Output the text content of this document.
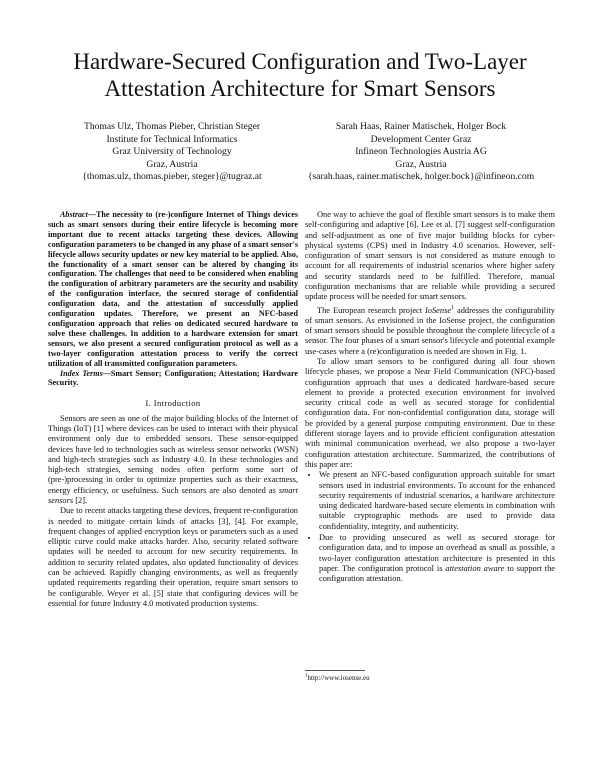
Hardware-Secured Configuration and Two-Layer Attestation Architecture for Smart Sensors
Thomas Ulz, Thomas Pieber, Christian Steger
Institute for Technical Informatics
Graz University of Technology
Graz, Austria
{thomas.ulz, thomas.pieber, steger}@tugraz.at
Sarah Haas, Rainer Matischek, Holger Bock
Development Center Graz
Infineon Technologies Austria AG
Graz, Austria
{sarah.haas, rainer.matischek, holger.bock}@infineon.com

Abstract—The necessity to (re-)configure Internet of Things devices such as smart sensors during their entire lifecycle is becoming more important due to recent attacks targeting these devices. Allowing configuration parameters to be changed in any phase of a smart sensor's lifecycle allows security updates or new key material to be applied. Also, the functionality of a smart sensor can be altered by changing its configuration. The challenges that need to be considered when enabling the configuration of arbitrary parameters are the security and usability of the configuration interface, the secured storage of confidential configuration data, and the attestation of successfully applied configuration updates. Therefore, we present an NFC-based configuration approach that relies on dedicated secured hardware to solve these challenges. In addition to a hardware extension for smart sensors, we also present a secured configuration protocol as well as a two-layer configuration attestation process to verify the correct utilization of all transmitted configuration parameters.

Index Terms—Smart Sensor; Configuration; Attestation; Hardware Security.

I. Introduction

Sensors are seen as one of the major building blocks of the Internet of Things (IoT) [1] where devices can be used to interact with their physical environment only due to embedded sensors. These sensor-equipped devices have led to technologies such as wireless sensor networks (WSN) and high-tech strategies such as Industry 4.0. In these technologies and high-tech strategies, sensing nodes often perform some sort of (pre-)processing in order to optimize properties such as their exactness, energy efficiency, or usefulness. Such sensors are also denoted as smart sensors [2].

Due to recent attacks targeting these devices, frequent re-configuration is needed to mitigate certain kinds of attacks [3], [4]. For example, frequent changes of applied encryption keys or parameters such as a used elliptic curve could make attacks harder. Also, security related software updates will be needed to account for new security requirements. In addition to security related updates, also updated functionality of devices can be achieved. Rapidly changing environments, as well as frequently updated requirements regarding their operation, require smart sensors to be configurable. Weyer et al. [5] state that configuring devices will be essential for future Industry 4.0 motivated production systems.

One way to achieve the goal of flexible smart sensors is to make them self-configuring and adaptive [6]. Lee et al. [7] suggest self-configuration and self-adjustment as one of five major building blocks for cyber-physical systems (CPS) used in Industry 4.0 scenarios. However, self-configuration of smart sensors is not considered as mature enough to account for all requirements of industrial scenarios where higher safety and security standards need to be fulfilled. Therefore, manual configuration mechanisms that are reliable while providing a secured update process will be needed for smart sensors.

The European research project IoSense$^1$ addresses the configurability of smart sensors. As envisioned in the IoSense project, the configuration of smart sensors should be possible throughout the complete lifecycle of a sensor. The four phases of a smart sensor's lifecycle and potential example use-cases where a (re)configuration is needed are shown in Fig. 1.

To allow smart sensors to be configured during all four shown lifecycle phases, we propose a Near Field Communication (NFC)-based configuration approach that uses a dedicated hardware-based secure element to provide a protected execution environment for involved security critical code as well as secured storage for confidential configuration data. For non-confidential configuration data, storage will be provided by a general purpose computing environment. Due to these different storage layers and to provide efficient configuration attestation with minimal communication overhead, we also propose a two-layer configuration attestation architecture. Summarized, the contributions of this paper are:

• We present an NFC-based configuration approach suitable for smart sensors used in industrial environments. To account for the enhanced security requirements of industrial scenarios, a hardware architecture using dedicated hardware-based secure elements in combination with suitable cryptographic methods are used to provide data confidentiality, integrity, and authenticity.
• Due to providing unsecured as well as secured storage for configuration data, and to impose an overhead as small as possible, a two-layer configuration attestation architecture is presented in this paper. The configuration protocol is attestation aware to support the configuration attestation.
$^1$http://www.iosense.eu
